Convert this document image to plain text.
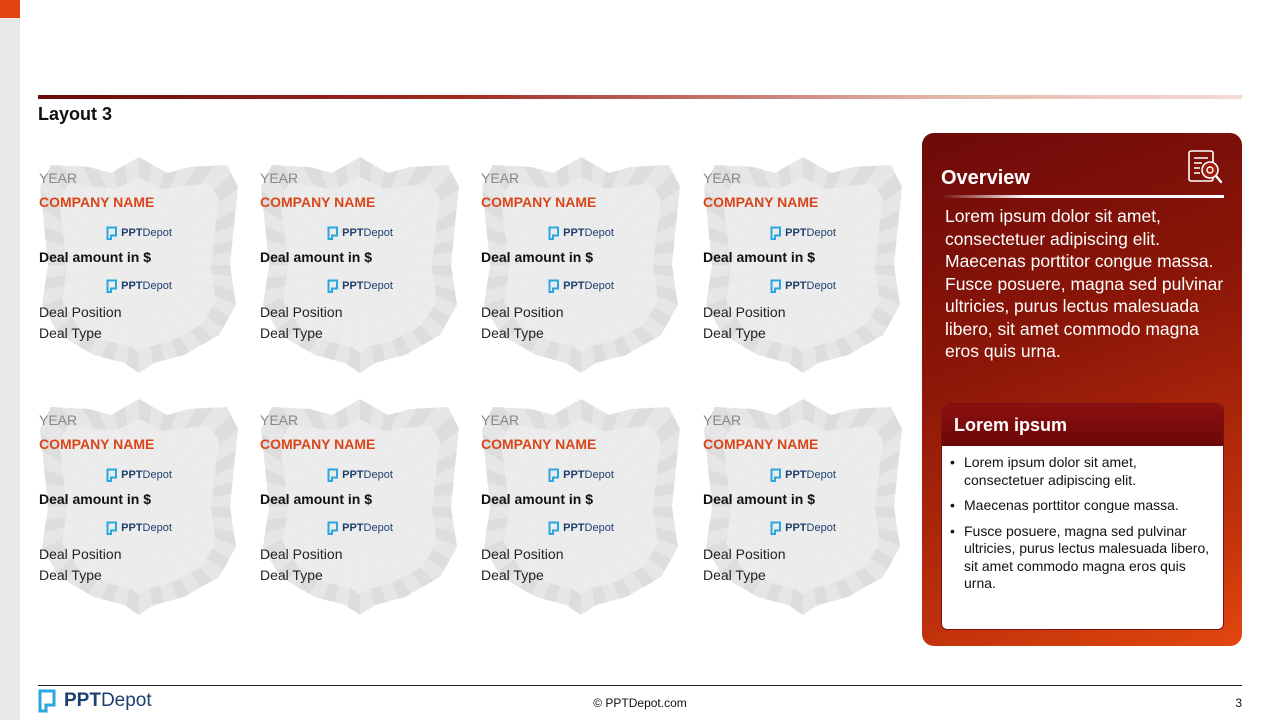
Layout 3
YEAR
COMPANY NAME
PPT Depot
Deal amount in $
PPT Depot
Deal Position
Deal Type
YEAR
COMPANY NAME
PPT Depot
Deal amount in $
PPT Depot
Deal Position
Deal Type
YEAR
COMPANY NAME
PPT Depot
Deal amount in $
PPT Depot
Deal Position
Deal Type
YEAR
COMPANY NAME
PPT Depot
Deal amount in $
PPT Depot
Deal Position
Deal Type
YEAR
COMPANY NAME
PPT Depot
Deal amount in $
PPT Depot
Deal Position
Deal Type
YEAR
COMPANY NAME
PPT Depot
Deal amount in $
PPT Depot
Deal Position
Deal Type
YEAR
COMPANY NAME
PPT Depot
Deal amount in $
PPT Depot
Deal Position
Deal Type
YEAR
COMPANY NAME
PPT Depot
Deal amount in $
PPT Depot
Deal Position
Deal Type
Overview
Lorem ipsum dolor sit amet, consectetuer adipiscing elit. Maecenas porttitor congue massa. Fusce posuere, magna sed pulvinar ultricies, purus lectus malesuada libero, sit amet commodo magna eros quis urna.
Lorem ipsum
• Lorem ipsum dolor sit amet, consectetuer adipiscing elit.
• Maecenas porttitor congue massa.
• Fusce posuere, magna sed pulvinar ultricies, purus lectus malesuada libero, sit amet commodo magna eros quis urna.
PPT Depot	© PPTDepot.com	3
